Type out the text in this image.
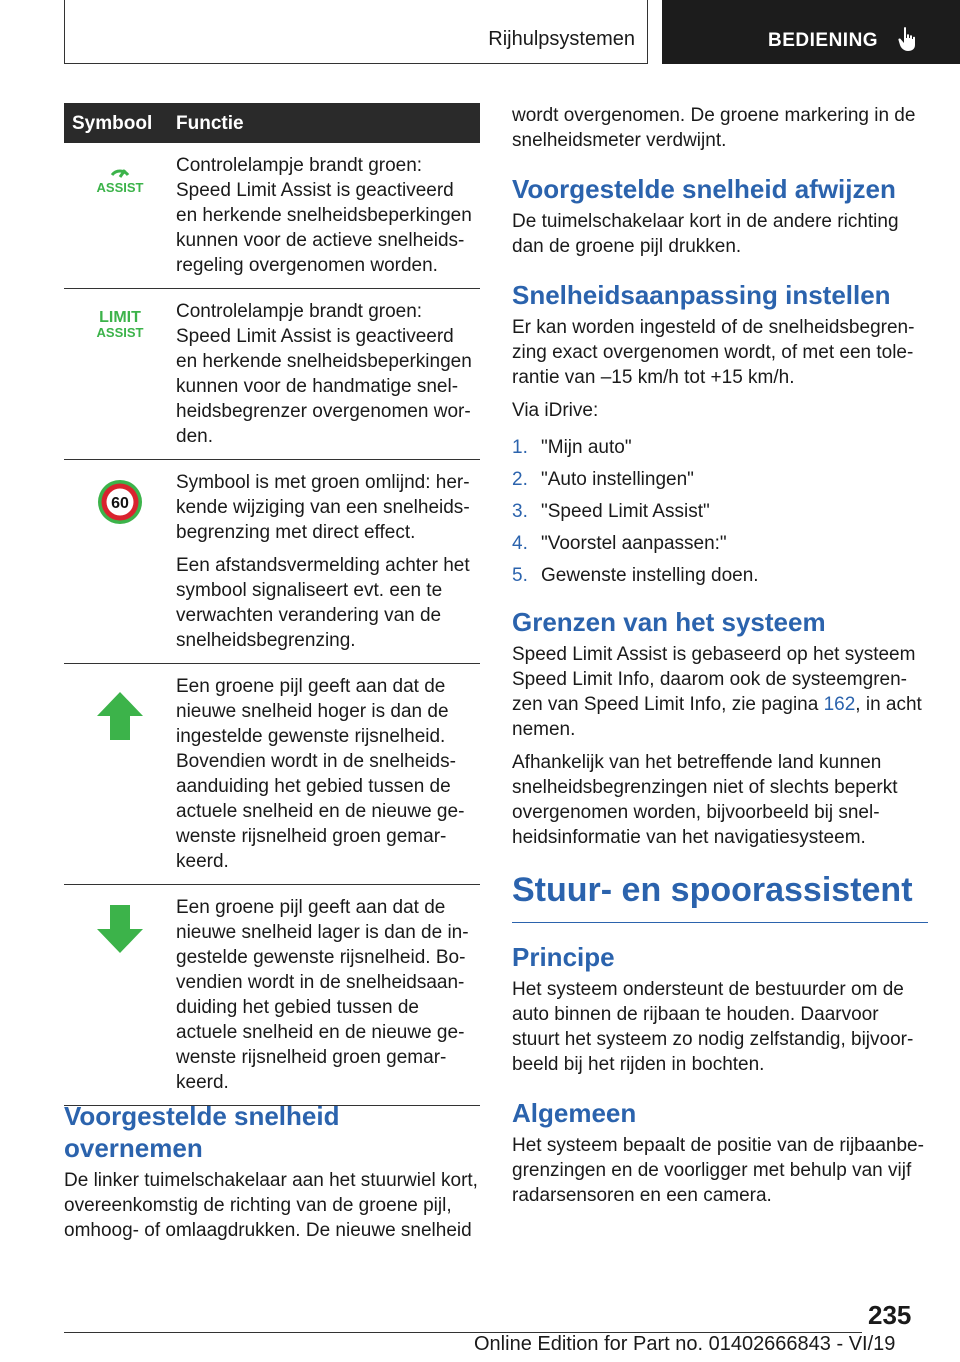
Rijhulpsystemen	BEDIENING
Symbool	Functie

ASSIST	Controlelampje brandt groen: Speed Limit Assist is geactiveerd en herkende snelheidsbeperkingen kunnen voor de actieve snelheidsregeling overgenomen worden.

LIMIT
ASSIST	Controlelampje brandt groen: Speed Limit Assist is geactiveerd en herkende snelheidsbeperkingen kunnen voor de handmatige snelheidsbegrenzer overgenomen worden.

60	Symbool is met groen omlijnd: herkende wijziging van een snelheidsbegrenzing met direct effect.

Een afstandsvermelding achter het symbool signaliseert evt. een te verwachten verandering van de snelheidsbegrenzing.

Een groene pijl geeft aan dat de nieuwe snelheid hoger is dan de ingestelde gewenste rijsnelheid. Bovendien wordt in de snelheidsaanduiding het gebied tussen de actuele snelheid en de nieuwe gewenste rijsnelheid groen gemarkeerd.

Een groene pijl geeft aan dat de nieuwe snelheid lager is dan de ingestelde gewenste rijsnelheid. Bovendien wordt in de snelheidsaanduiding het gebied tussen de actuele snelheid en de nieuwe gewenste rijsnelheid groen gemarkeerd.

Voorgestelde snelheid overnemen

De linker tuimelschakelaar aan het stuurwiel kort, overeenkomstig de richting van de groene pijl, omhoog- of omlaagdrukken. De nieuwe snelheid

wordt overgenomen. De groene markering in de snelheidsmeter verdwijnt.

Voorgestelde snelheid afwijzen

De tuimelschakelaar kort in de andere richting dan de groene pijl drukken.

Snelheidsaanpassing instellen

Er kan worden ingesteld of de snelheidsbegrenzing exact overgenomen wordt, of met een tolerantie van –15 km/h tot +15 km/h.

Via iDrive:

1. "Mijn auto"
2. "Auto instellingen"
3. "Speed Limit Assist"
4. "Voorstel aanpassen:"
5. Gewenste instelling doen.
Grenzen van het systeem

Speed Limit Assist is gebaseerd op het systeem Speed Limit Info, daarom ook de systeemgrenzen van Speed Limit Info, zie pagina 162, in acht nemen.

Afhankelijk van het betreffende land kunnen snelheidsbegrenzingen niet of slechts beperkt overgenomen worden, bijvoorbeeld bij snelheidsinformatie van het navigatiesysteem.

Stuur- en spoorassistent
Principe

Het systeem ondersteunt de bestuurder om de auto binnen de rijbaan te houden. Daarvoor stuurt het systeem zo nodig zelfstandig, bijvoorbeeld bij het rijden in bochten.

Algemeen

Het systeem bepaalt de positie van de rijbaanbegrenzingen en de voorligger met behulp van vijf radarsensoren en een camera.

235
Online Edition for Part no. 01402666843 - VI/19
